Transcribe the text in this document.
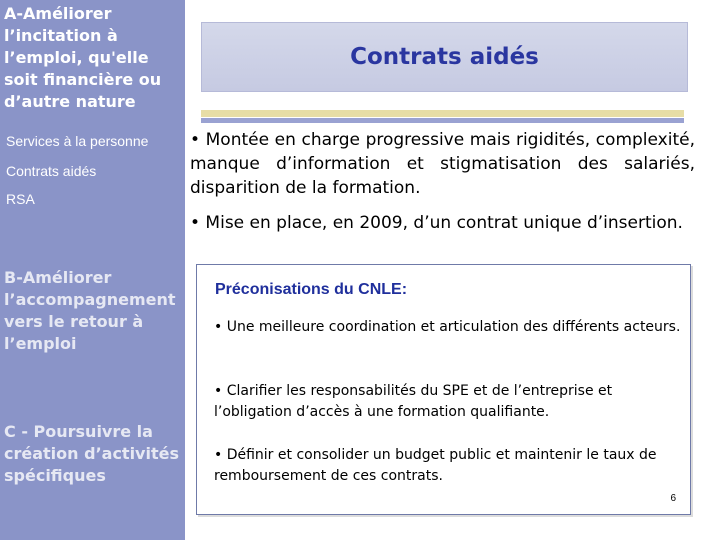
A-Améliorer l’incitation à l’emploi, qu'elle soit financière ou d’autre nature

Services à la personne
Contrats aidés
RSA

B-Améliorer l’accompagnement vers le retour à l’emploi

C - Poursuivre la création d’activités spécifiques

Contrats aidés
• Montée en charge progressive mais rigidités, complexité, manque d’information et stigmatisation des salariés, disparition de la formation.
• Mise en place, en 2009, d’un contrat unique d’insertion.
Préconisations du CNLE:
• Une meilleure coordination et articulation des différents acteurs.
• Clarifier les responsabilités du SPE et de l’entreprise et l’obligation d’accès à une formation qualifiante.
• Définir et consolider un budget public et maintenir le taux de remboursement de ces contrats.
6
